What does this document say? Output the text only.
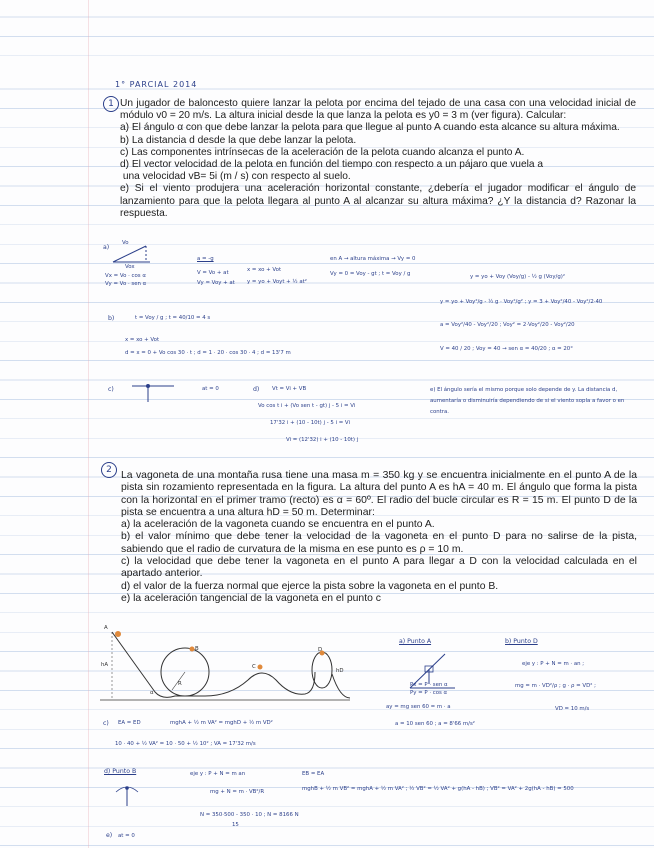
1° PARCIAL 2014
1 Un jugador de baloncesto quiere lanzar la pelota por encima del tejado de una casa con una velocidad inicial de módulo v0 = 20 m/s. La altura inicial desde la que lanza la pelota es y0 = 3 m (ver figura). Calcular:

a) El ángulo α con que debe lanzar la pelota para que llegue al punto A cuando esta alcance su altura máxima.

b) La distancia d desde la que debe lanzar la pelota.

c) Las componentes intrínsecas de la aceleración de la pelota cuando alcanza el punto A.

d) El vector velocidad de la pelota en función del tiempo con respecto a un pájaro que vuela a

una velocidad vB= 5i (m / s) con respecto al suelo.

e) Si el viento produjera una aceleración horizontal constante, ¿debería el jugador modificar el ángulo de lanzamiento para que la pelota llegara al punto A al alcanzar su altura máxima? ¿Y la distancia d? Razonar la respuesta.

a)
Vo
Vox
Vx = Vo · cos α
Vy = Vo · sen α
a = -g
V = Vo + at
Vy = Voy + at
x = xo + Vot
y = yo + Voyt + ½ at²
en A → altura máxima → Vy = 0
Vy = 0 = Voy - gt ; t = Voy / g	y = yo + Voy (Voy/g) - ½ g (Voy/g)²
y = yo + Voy²/g - ½ g · Voy²/g² ; y = 3 + Voy²/40 - Voy²/2·40
a = Voy²/40 - Voy²/20 ; Voy² = 2·Voy²/20 - Voy²/20
V = 40 / 20 ; Voy = 40 → sen α = 40/20 ; α = 20°
b)	t = Voy / g ; t = 40/10 = 4 s
x = xo + Vot
d = x = 0 + Vo cos 30 · t ; d = 1 · 20 · cos 30 · 4 ; d = 13'7 m
c)	at = 0	d) Vt = Vi + VB
Vo cos t i + (Vo sen t - gt) j - 5 i = Vi
17'32 i + (10 - 10t) j - 5 i = Vi
Vi = (12'32) i + (10 - 10t) j
e) El ángulo sería el mismo porque solo depende de y. La distancia d, aumentaría o disminuiría dependiendo de si el viento sopla a favor o en contra.
2 La vagoneta de una montaña rusa tiene una masa m = 350 kg y se encuentra inicialmente en el punto A de la pista sin rozamiento representada en la figura. La altura del punto A es hA = 40 m. El ángulo que forma la pista con la horizontal en el primer tramo (recto) es α = 60º. El radio del bucle circular es R = 15 m. El punto D de la pista se encuentra a una altura hD = 50 m. Determinar:

a) la aceleración de la vagoneta cuando se encuentra en el punto A.

b) el valor mínimo que debe tener la velocidad de la vagoneta en el punto D para no salirse de la pista, sabiendo que el radio de curvatura de la misma en ese punto es ρ = 10 m.

c) la velocidad que debe tener la vagoneta en el punto A para llegar a D con la velocidad calculada en el apartado anterior.

d) el valor de la fuerza normal que ejerce la pista sobre la vagoneta en el punto B.

e) la aceleración tangencial de la vagoneta en el punto c

A
B
C
D
R
α
hA
hD
a) Punto A
Px = P · sen α
Py = P · cos α
ay = mg sen 60 = m · a
a = 10 sen 60 ; a = 8'66 m/s²
b) Punto D
eje y : P + N = m · an ;
mg = m · VD²/ρ ; g · ρ = VD² ;
VD = 10 m/s
c) EA = ED	mghA + ½ m VA² = mghD + ½ m VD²
10 · 40 + ½ VA² = 10 · 50 + ½ 10² ; VA = 17'32 m/s
d) Punto B	eje y : P + N = m an
mg + N = m · VB²/R
EB = EA
mghB + ½ m VB² = mghA + ½ m VA² ; ½ VB² = ½ VA² + g(hA - hB) ; VB² = VA² + 2g(hA - hB) = 500
N = 350·500 - 350 · 10 ; N = 8166 N
15
e) at = 0
